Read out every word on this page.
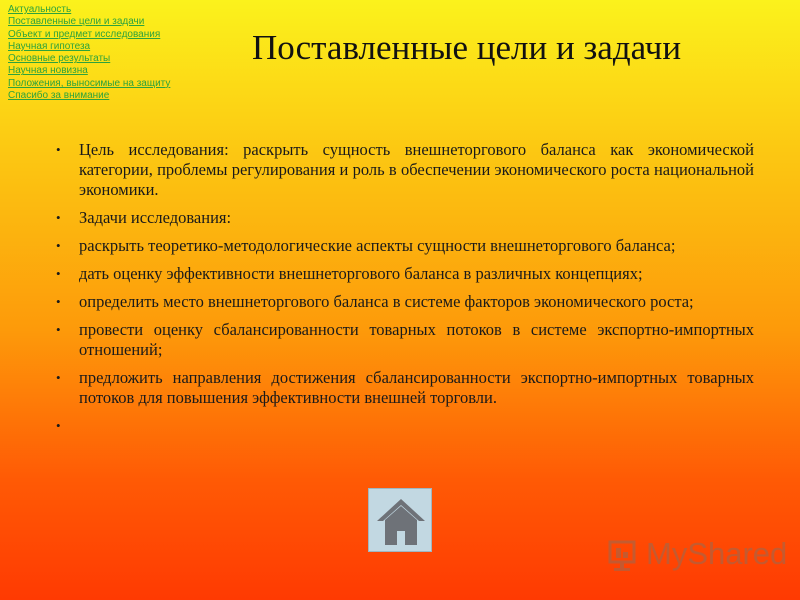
Актуальность
Поставленные цели и задачи
Объект и предмет исследования
Научная гипотеза
Основные результаты
Научная новизна
Положения, выносимые на защиту
Спасибо за внимание
Поставленные цели и задачи
• Цель исследования: раскрыть сущность внешнеторгового баланса как экономической категории, проблемы регулирования и роль в обеспечении экономического роста национальной экономики.
• Задачи исследования:
• раскрыть теоретико-методологические аспекты сущности внешнеторгового баланса;
• дать оценку эффективности внешнеторгового баланса в различных концепциях;
• определить место внешнеторгового баланса в системе факторов экономического роста;
• провести оценку сбалансированности товарных потоков в системе экспортно-импортных отношений;
• предложить направления достижения сбалансированности экспортно-импортных товарных потоков для повышения эффективности внешней торговли.
•
MyShared
